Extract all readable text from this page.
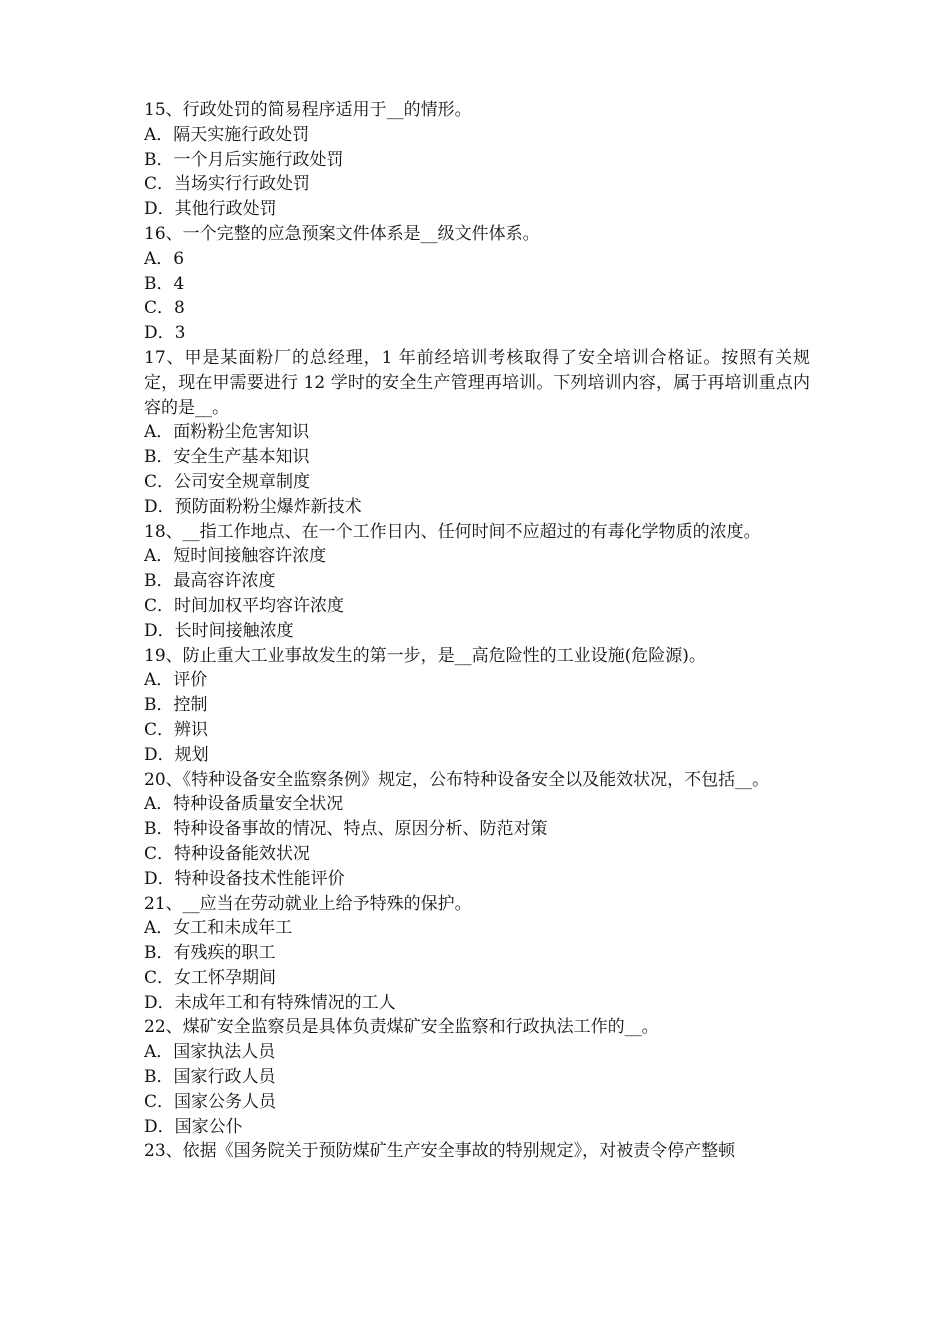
15、行政处罚的简易程序适用于__的情形。

A．隔天实施行政处罚

B．一个月后实施行政处罚

C．当场实行行政处罚

D．其他行政处罚

16、一个完整的应急预案文件体系是__级文件体系。

A．6

B．4

C．8

D．3

17、甲是某面粉厂的总经理，1 年前经培训考核取得了安全培训合格证。按照有关规定，现在甲需要进行 12 学时的安全生产管理再培训。下列培训内容，属于再培训重点内容的是__。

A．面粉粉尘危害知识

B．安全生产基本知识

C．公司安全规章制度

D．预防面粉粉尘爆炸新技术

18、__指工作地点、在一个工作日内、任何时间不应超过的有毒化学物质的浓度。

A．短时间接触容许浓度

B．最高容许浓度

C．时间加权平均容许浓度

D．长时间接触浓度

19、防止重大工业事故发生的第一步，是__高危险性的工业设施(危险源)。

A．评价

B．控制

C．辨识

D．规划

20、《特种设备安全监察条例》规定，公布特种设备安全以及能效状况，不包括__。

A．特种设备质量安全状况

B．特种设备事故的情况、特点、原因分析、防范对策

C．特种设备能效状况

D．特种设备技术性能评价

21、__应当在劳动就业上给予特殊的保护。

A．女工和未成年工

B．有残疾的职工

C．女工怀孕期间

D．未成年工和有特殊情况的工人

22、煤矿安全监察员是具体负责煤矿安全监察和行政执法工作的__。

A．国家执法人员

B．国家行政人员

C．国家公务人员

D．国家公仆

23、依据《国务院关于预防煤矿生产安全事故的特别规定》，对被责令停产整顿
